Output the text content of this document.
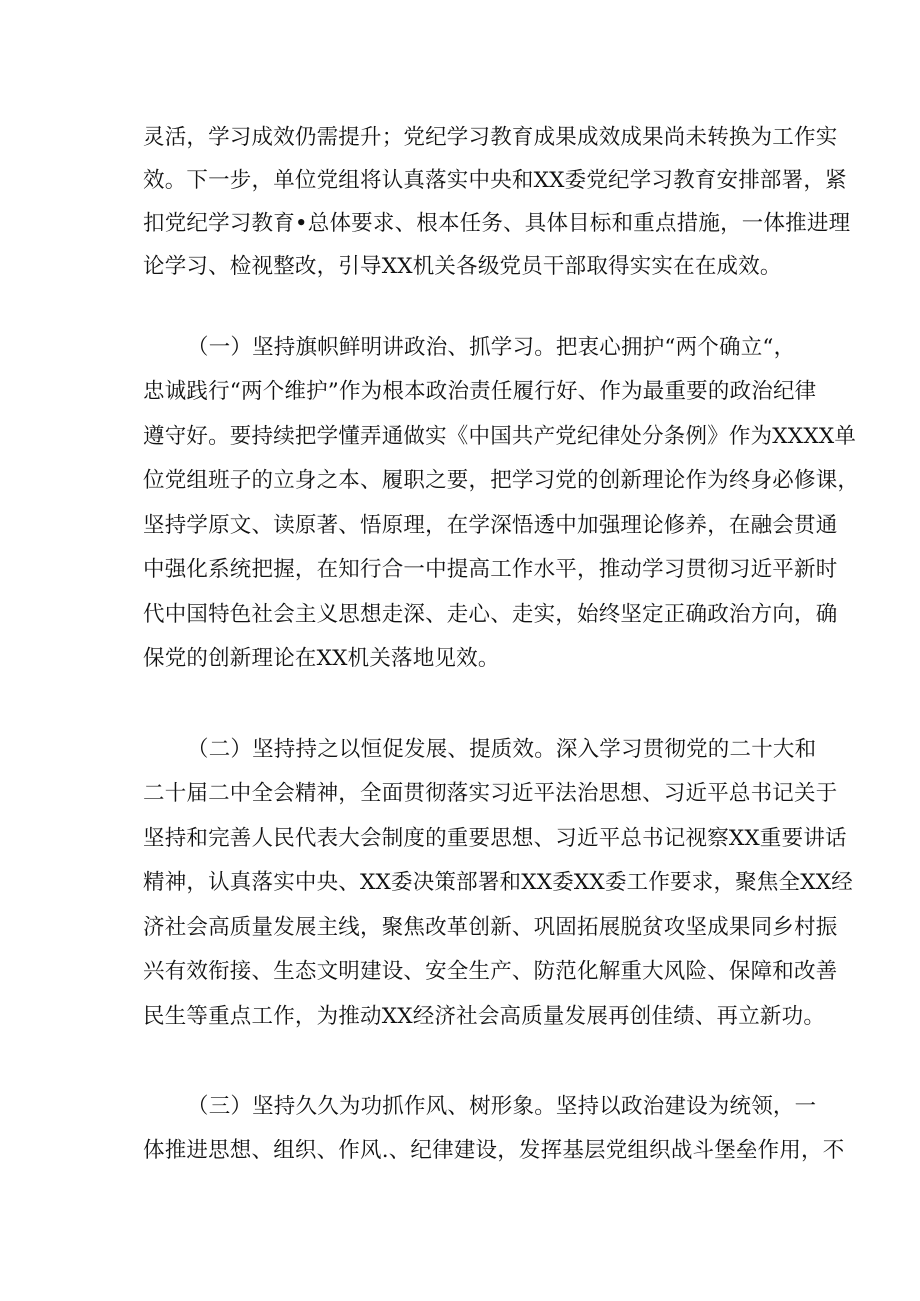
灵活，学习成效仍需提升；党纪学习教育成果成效成果尚未转换为工作实
效。下一步，单位党组将认真落实中央和XX委党纪学习教育安排部署，紧
扣党纪学习教育•总体要求、根本任务、具体目标和重点措施，一体推进理
论学习、检视整改，引导XX机关各级党员干部取得实实在在成效。
（一）坚持旗帜鲜明讲政治、抓学习。把衷心拥护“两个确立“，
忠诚践行“两个维护”作为根本政治责任履行好、作为最重要的政治纪律
遵守好。要持续把学懂弄通做实《中国共产党纪律处分条例》作为XXXX单
位党组班子的立身之本、履职之要，把学习党的创新理论作为终身必修课，
坚持学原文、读原著、悟原理，在学深悟透中加强理论修养，在融会贯通
中强化系统把握，在知行合一中提高工作水平，推动学习贯彻习近平新时
代中国特色社会主义思想走深、走心、走实，始终坚定正确政治方向，确
保党的创新理论在XX机关落地见效。
（二）坚持持之以恒促发展、提质效。深入学习贯彻党的二十大和
二十届二中全会精神，全面贯彻落实习近平法治思想、习近平总书记关于
坚持和完善人民代表大会制度的重要思想、习近平总书记视察XX重要讲话
精神，认真落实中央、XX委决策部署和XX委XX委工作要求，聚焦全XX经
济社会高质量发展主线，聚焦改革创新、巩固拓展脱贫攻坚成果同乡村振
兴有效衔接、生态文明建设、安全生产、防范化解重大风险、保障和改善
民生等重点工作，为推动XX经济社会高质量发展再创佳绩、再立新功。
（三）坚持久久为功抓作风、树形象。坚持以政治建设为统领，一
体推进思想、组织、作风.、纪律建设，发挥基层党组织战斗堡垒作用，不
